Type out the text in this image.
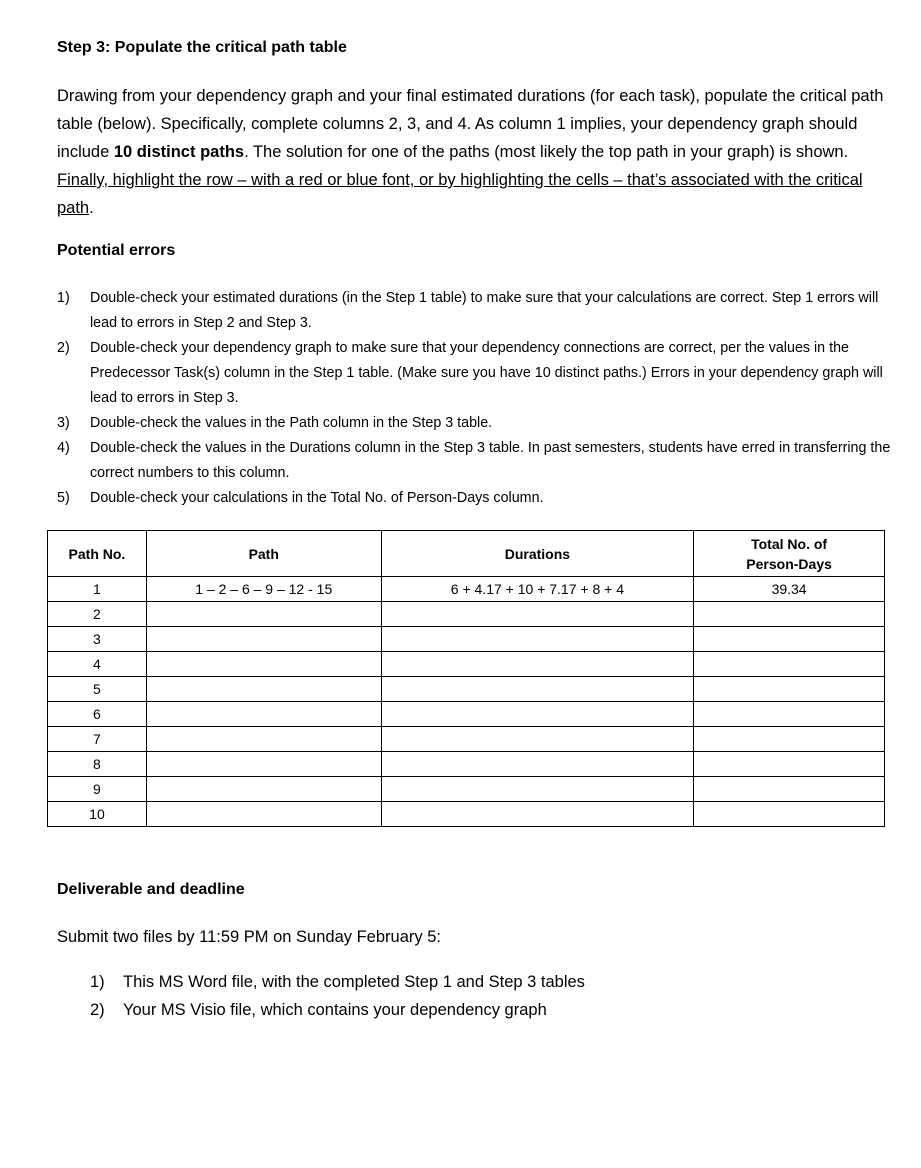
Step 3: Populate the critical path table
Drawing from your dependency graph and your final estimated durations (for each task), populate the critical path table (below). Specifically, complete columns 2, 3, and 4. As column 1 implies, your dependency graph should include 10 distinct paths. The solution for one of the paths (most likely the top path in your graph) is shown. Finally, highlight the row – with a red or blue font, or by highlighting the cells – that’s associated with the critical path.
Potential errors
1) Double-check your estimated durations (in the Step 1 table) to make sure that your calculations are correct. Step 1 errors will lead to errors in Step 2 and Step 3.
2) Double-check your dependency graph to make sure that your dependency connections are correct, per the values in the Predecessor Task(s) column in the Step 1 table. (Make sure you have 10 distinct paths.) Errors in your dependency graph will lead to errors in Step 3.
3) Double-check the values in the Path column in the Step 3 table.
4) Double-check the values in the Durations column in the Step 3 table. In past semesters, students have erred in transferring the correct numbers to this column.
5) Double-check your calculations in the Total No. of Person-Days column.
Path No.	Path	Durations	Total No. of
Person-Days
1	1 – 2 – 6 – 9 – 12 - 15	6 + 4.17 + 10 + 7.17 + 8 + 4	39.34
2			
3			
4			
5			
6			
7			
8			
9			
10			
Deliverable and deadline
Submit two files by 11:59 PM on Sunday February 5:
1) This MS Word file, with the completed Step 1 and Step 3 tables
2) Your MS Visio file, which contains your dependency graph
